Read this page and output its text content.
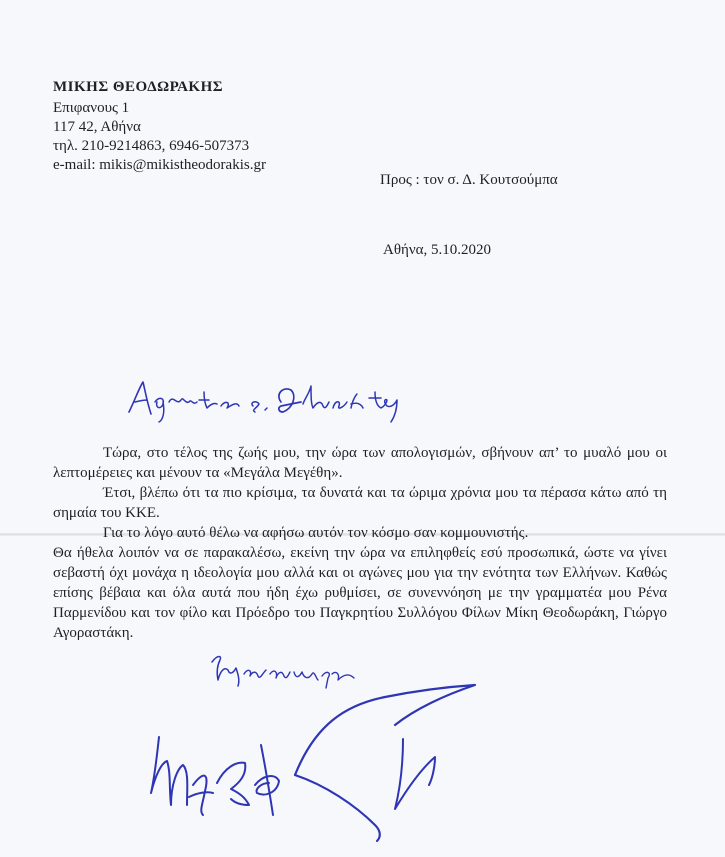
ΜΙΚΗΣ ΘΕΟΔΩΡΑΚΗΣ
Επιφανους 1
117 42, Αθήνα
τηλ. 210-9214863, 6946-507373
e-mail: mikis@mikistheodorakis.gr
Προς : τον σ. Δ. Κουτσούμπα
Αθήνα, 5.10.2020

Τώρα, στο τέλος της ζωής μου, την ώρα των απολογισμών, σβήνουν απ’ το μυαλό μου οι λεπτομέρειες και μένουν τα «Μεγάλα Μεγέθη».

Έτσι, βλέπω ότι τα πιο κρίσιμα, τα δυνατά και τα ώριμα χρόνια μου τα πέρασα κάτω από τη σημαία του ΚΚΕ.

Για το λόγο αυτό θέλω να αφήσω αυτόν τον κόσμο σαν κομμουνιστής.

Θα ήθελα λοιπόν να σε παρακαλέσω, εκείνη την ώρα να επιληφθείς εσύ προσωπικά, ώστε να γίνει σεβαστή όχι μονάχα η ιδεολογία μου αλλά και οι αγώνες μου για την ενότητα των Ελλήνων. Καθώς επίσης βέβαια και όλα αυτά που ήδη έχω ρυθμίσει, σε συνεννόηση με την γραμματέα μου Ρένα Παρμενίδου και τον φίλο και Πρόεδρο του Παγκρητίου Συλλόγου Φίλων Μίκη Θεοδωράκη, Γιώργο Αγοραστάκη.
